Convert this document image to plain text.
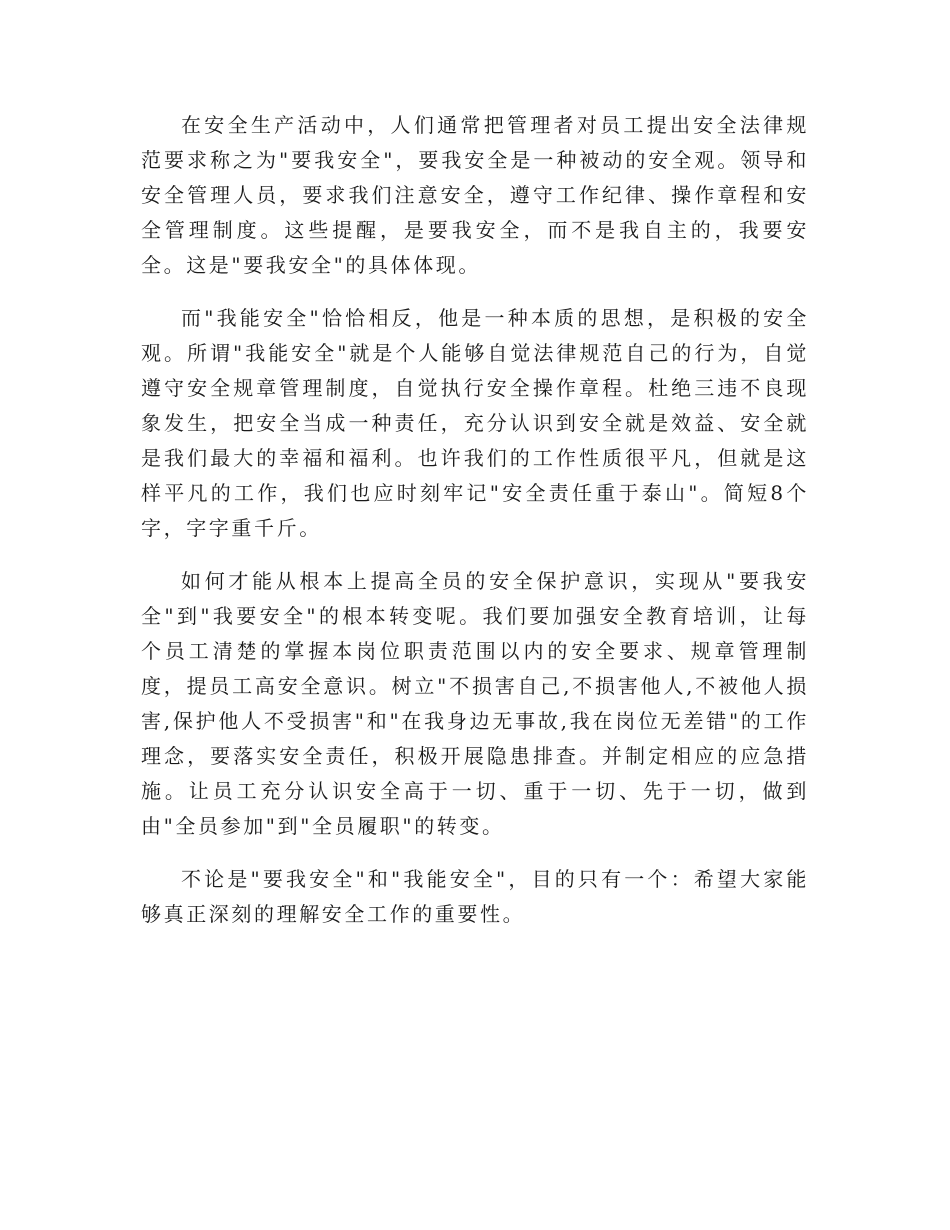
在安全生产活动中，人们通常把管理者对员工提出安全法律规范要求称之为"要我安全"，要我安全是一种被动的安全观。领导和安全管理人员，要求我们注意安全，遵守工作纪律、操作章程和安全管理制度。这些提醒，是要我安全，而不是我自主的，我要安全。这是"要我安全"的具体体现。

而"我能安全"恰恰相反，他是一种本质的思想，是积极的安全观。所谓"我能安全"就是个人能够自觉法律规范自己的行为，自觉遵守安全规章管理制度，自觉执行安全操作章程。杜绝三违不良现象发生，把安全当成一种责任，充分认识到安全就是效益、安全就是我们最大的幸福和福利。也许我们的工作性质很平凡，但就是这样平凡的工作，我们也应时刻牢记"安全责任重于泰山"。简短8个字，字字重千斤。

如何才能从根本上提高全员的安全保护意识，实现从"要我安全"到"我要安全"的根本转变呢。我们要加强安全教育培训，让每个员工清楚的掌握本岗位职责范围以内的安全要求、规章管理制度，提员工高安全意识。树立"不损害自己,不损害他人,不被他人损害,保护他人不受损害"和"在我身边无事故,我在岗位无差错"的工作理念，要落实安全责任，积极开展隐患排查。并制定相应的应急措施。让员工充分认识安全高于一切、重于一切、先于一切，做到由"全员参加"到"全员履职"的转变。

不论是"要我安全"和"我能安全"，目的只有一个：希望大家能够真正深刻的理解安全工作的重要性。
